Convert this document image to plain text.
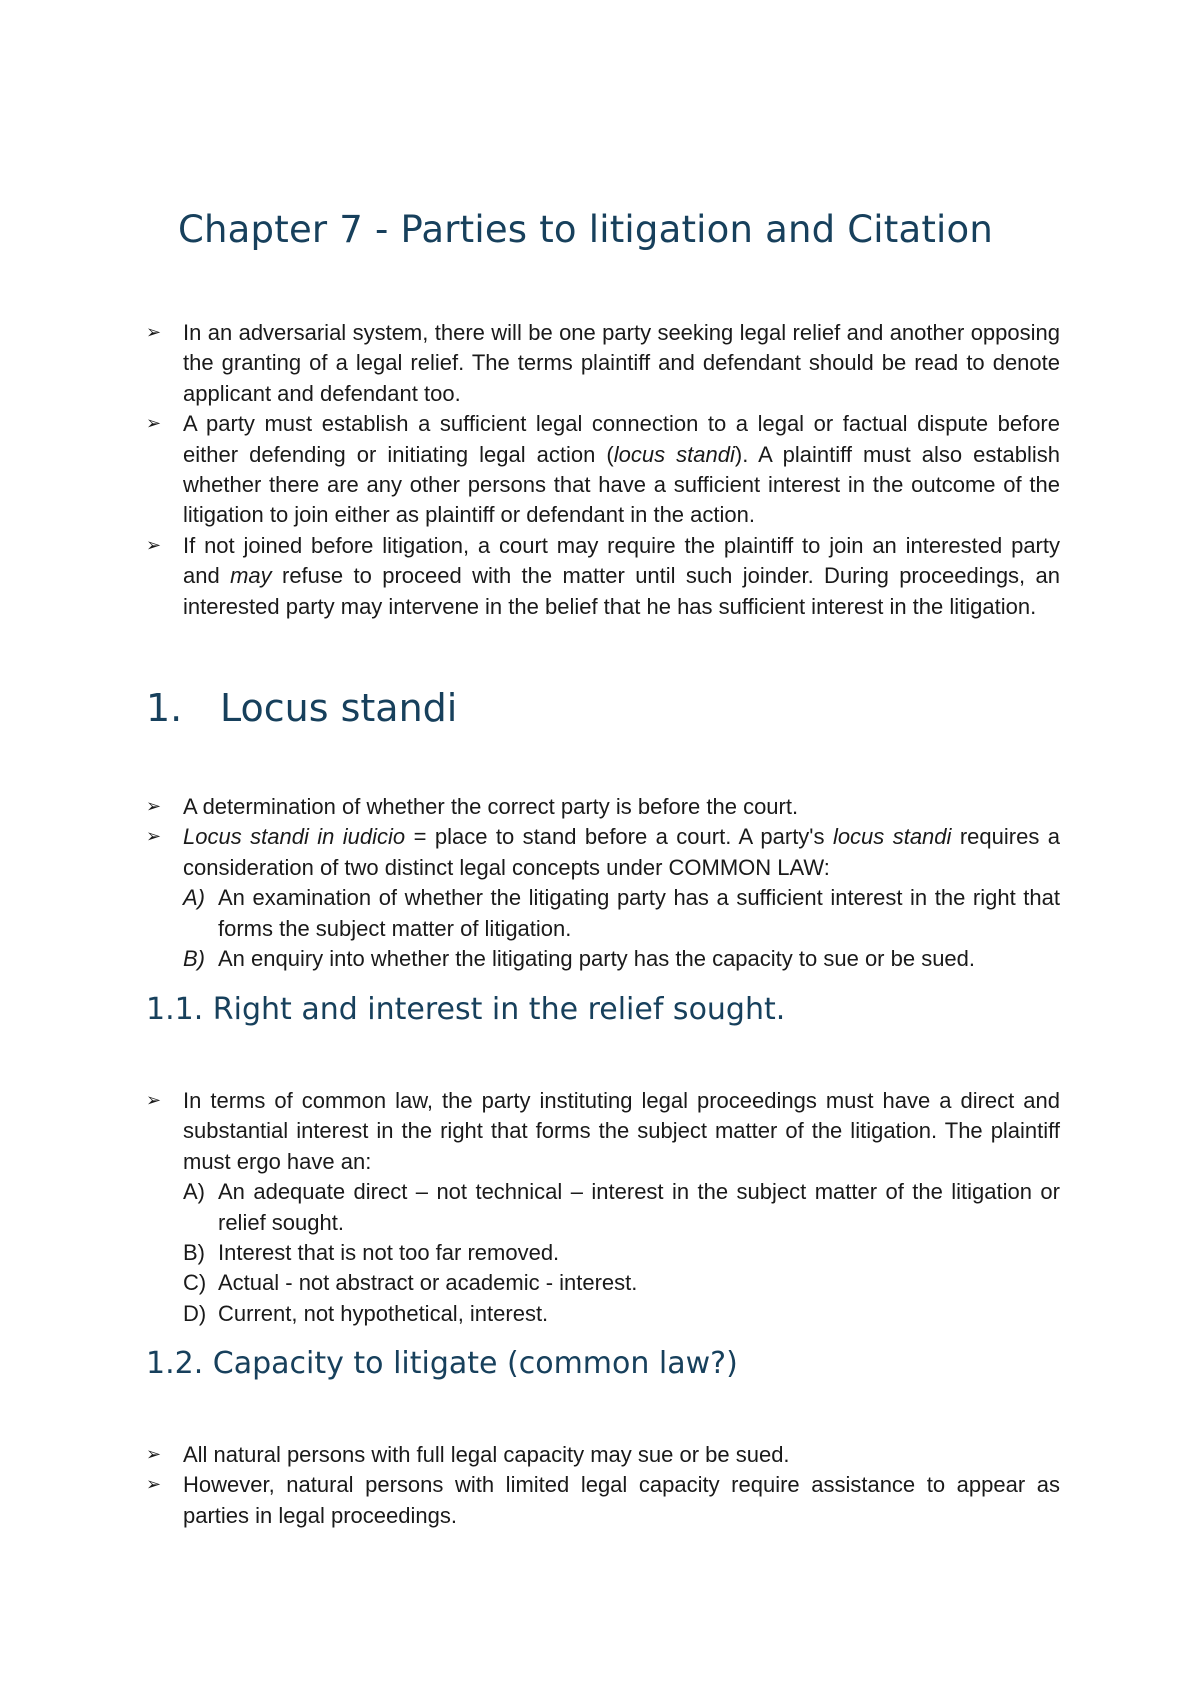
Chapter 7 - Parties to litigation and Citation
➢ In an adversarial system, there will be one party seeking legal relief and another opposing the granting of a legal relief. The terms plaintiff and defendant should be read to denote applicant and defendant too.
➢ A party must establish a sufficient legal connection to a legal or factual dispute before either defending or initiating legal action (locus standi). A plaintiff must also establish whether there are any other persons that have a sufficient interest in the outcome of the litigation to join either as plaintiff or defendant in the action.
➢ If not joined before litigation, a court may require the plaintiff to join an interested party and may refuse to proceed with the matter until such joinder. During proceedings, an interested party may intervene in the belief that he has sufficient interest in the litigation.
1. Locus standi
➢ A determination of whether the correct party is before the court.
➢ Locus standi in iudicio = place to stand before a court. A party's locus standi requires a consideration of two distinct legal concepts under COMMON LAW:
A) An examination of whether the litigating party has a sufficient interest in the right that forms the subject matter of litigation.
B) An enquiry into whether the litigating party has the capacity to sue or be sued.
1.1. Right and interest in the relief sought.
➢ In terms of common law, the party instituting legal proceedings must have a direct and substantial interest in the right that forms the subject matter of the litigation. The plaintiff must ergo have an:
A) An adequate direct – not technical – interest in the subject matter of the litigation or relief sought.
B) Interest that is not too far removed.
C) Actual - not abstract or academic - interest.
D) Current, not hypothetical, interest.
1.2. Capacity to litigate (common law?)
➢ All natural persons with full legal capacity may sue or be sued.
➢ However, natural persons with limited legal capacity require assistance to appear as parties in legal proceedings.
